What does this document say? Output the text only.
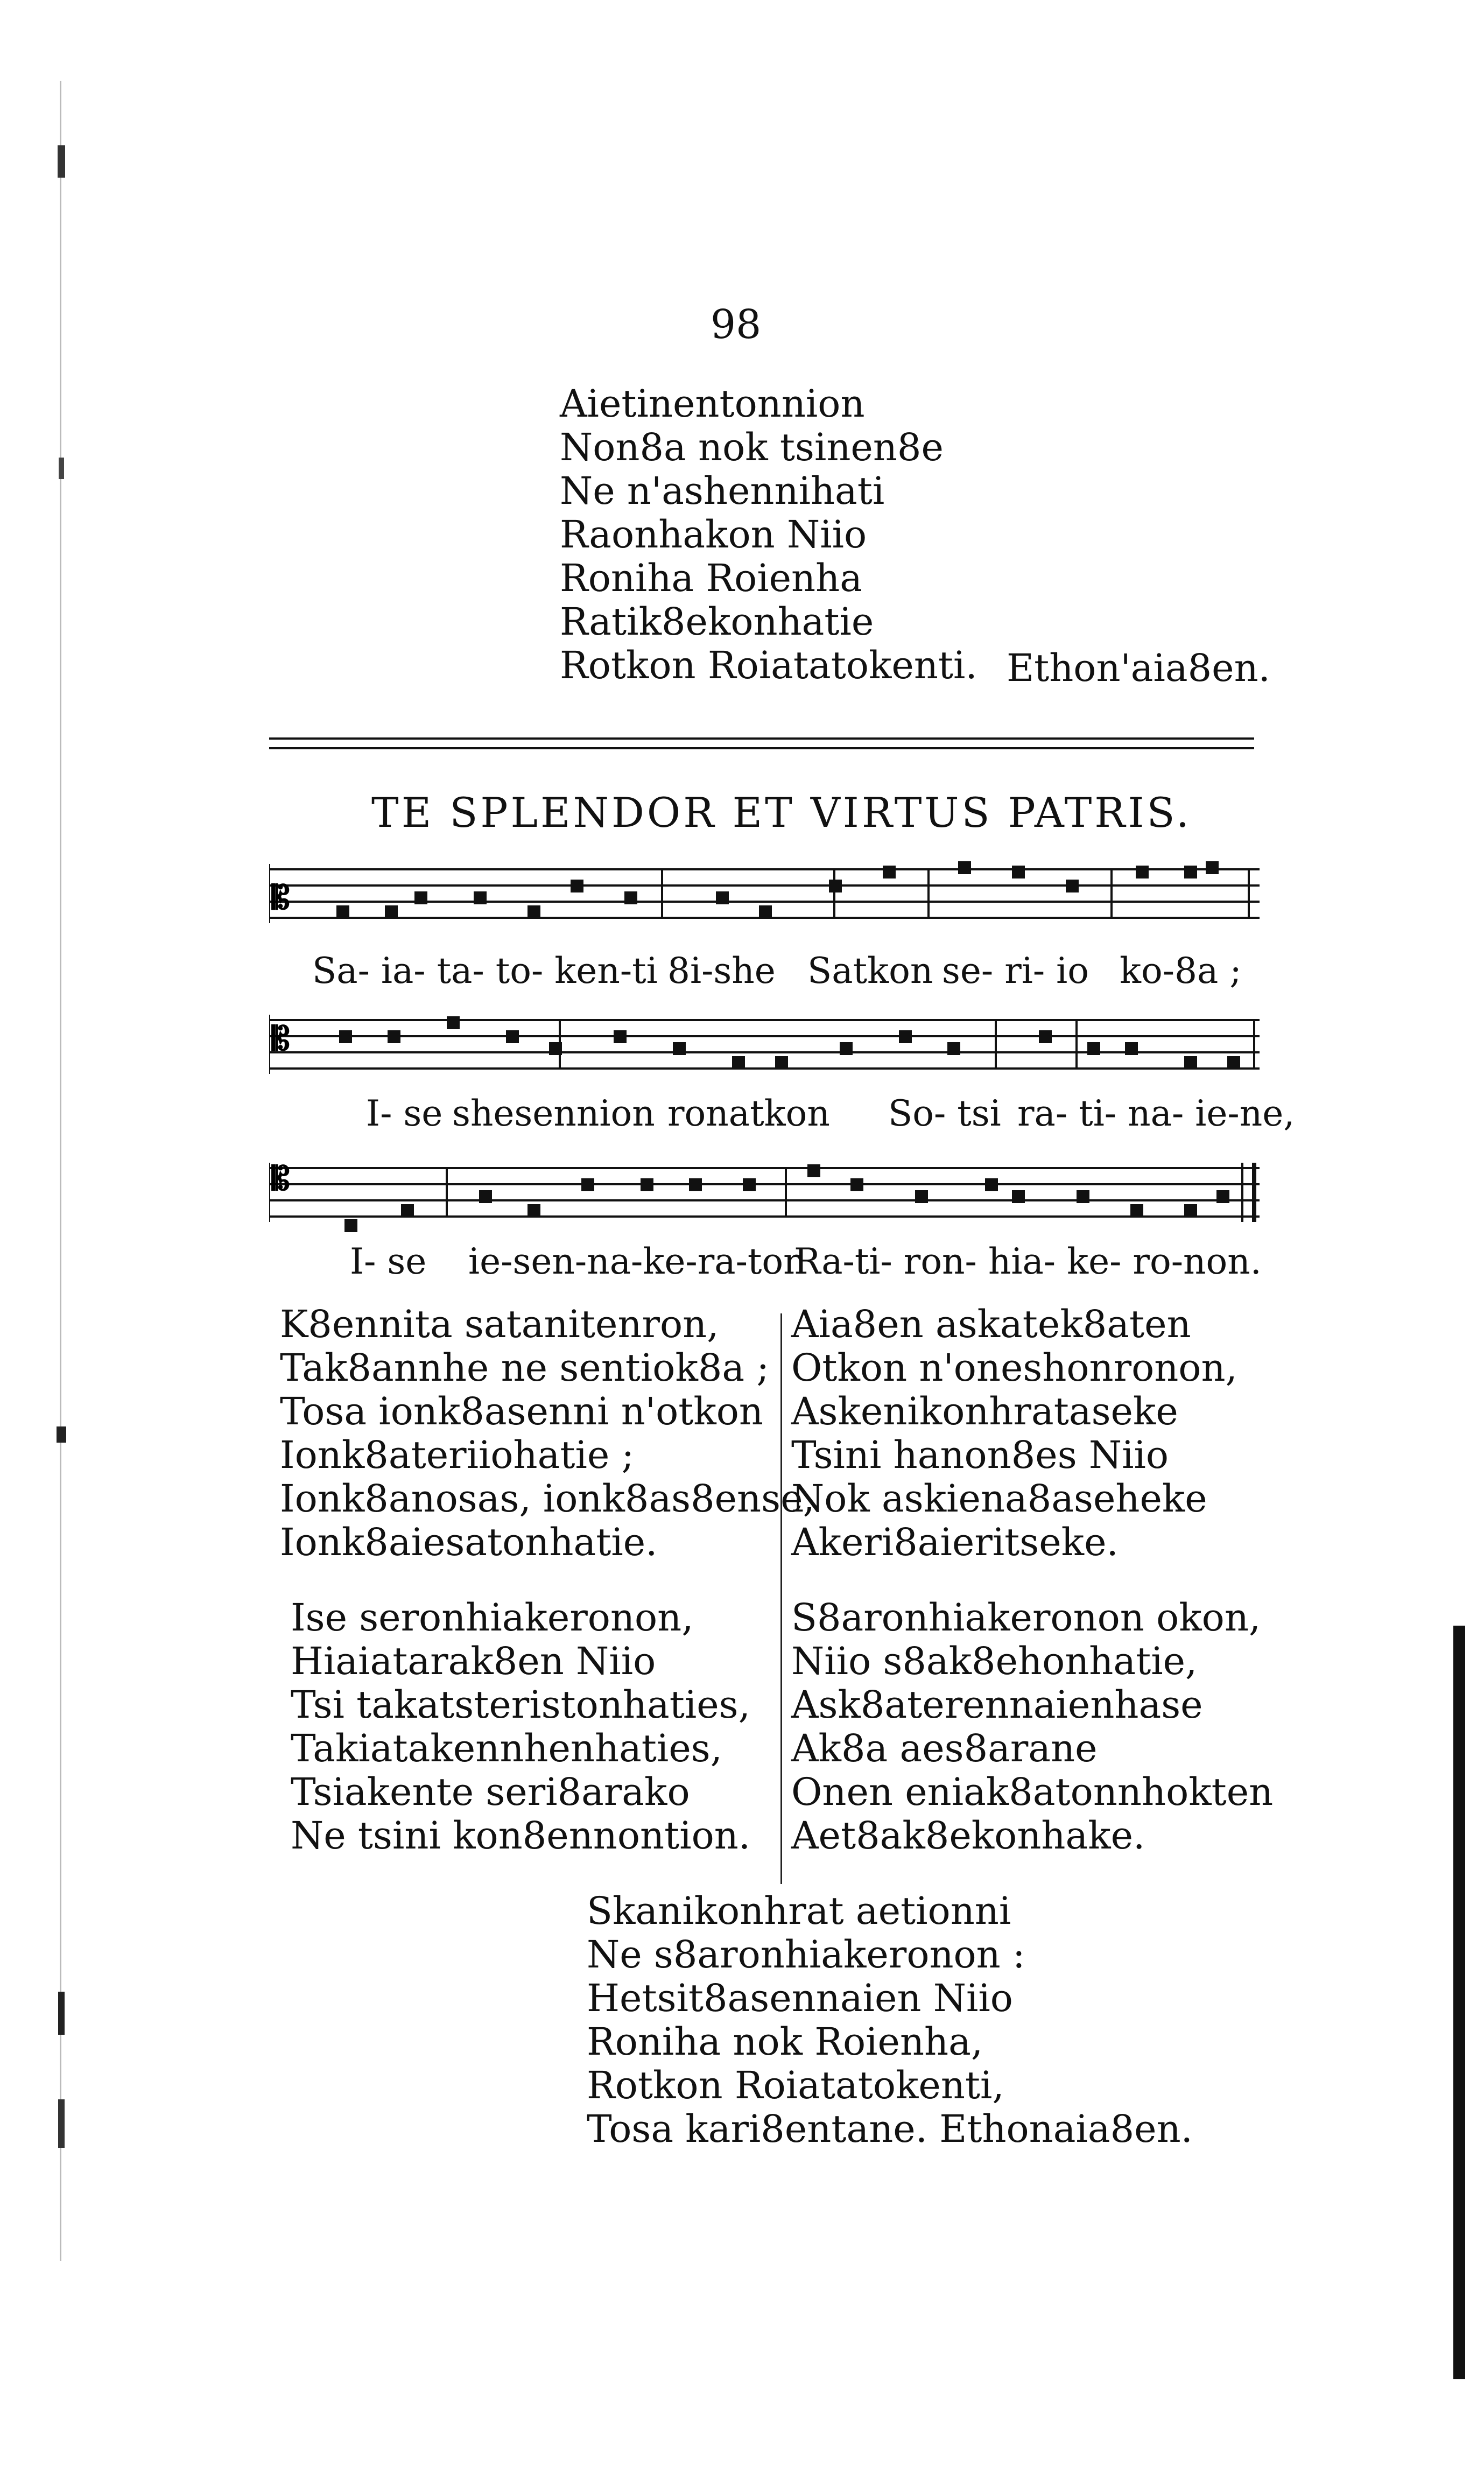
98
Aietinentonnion
Non8a nok tsinen8e
Ne n'ashennihati
Raonhakon Niio
Roniha Roienha
Ratik8ekonhatie
Rotkon Roiatatokenti. Ethon'aia8en.
TE SPLENDOR ET VIRTUS PATRIS.
𝄡
Sa- ia- ta- to- ken-ti 8i-she Satkon se- ri- io ko-8a ;
𝄡
I- se shesennion ronatkon So- tsi ra- ti- na- ie-ne,
𝄡
I- se ie-sen-na-ke-ra-ton
Ra-ti- ron- hia- ke- ro-non.
K8ennita satanitenron,
Tak8annhe ne sentiok8a ;
Tosa ionk8asenni n'otkon
Ionk8ateriiohatie ;
Ionk8anosas, ionk8as8ense,
Ionk8aiesatonhatie.
Ise seronhiakeronon,
Hiaiatarak8en Niio
Tsi takatsteristonhaties,
Takiatakennhenhaties,
Tsiakente seri8arako
Ne tsini kon8ennontion.
Aia8en askatek8aten
Otkon n'oneshonronon,
Askenikonhrataseke
Tsini hanon8es Niio
Nok askiena8aseheke
Akeri8aieritseke.
S8aronhiakeronon okon,
Niio s8ak8ehonhatie,
Ask8aterennaienhase
Ak8a aes8arane
Onen eniak8atonnhokten
Aet8ak8ekonhake.
Skanikonhrat aetionni
Ne s8aronhiakeronon :
Hetsit8asennaien Niio
Roniha nok Roienha,
Rotkon Roiatatokenti,
Tosa kari8entane. Ethonaia8en.
